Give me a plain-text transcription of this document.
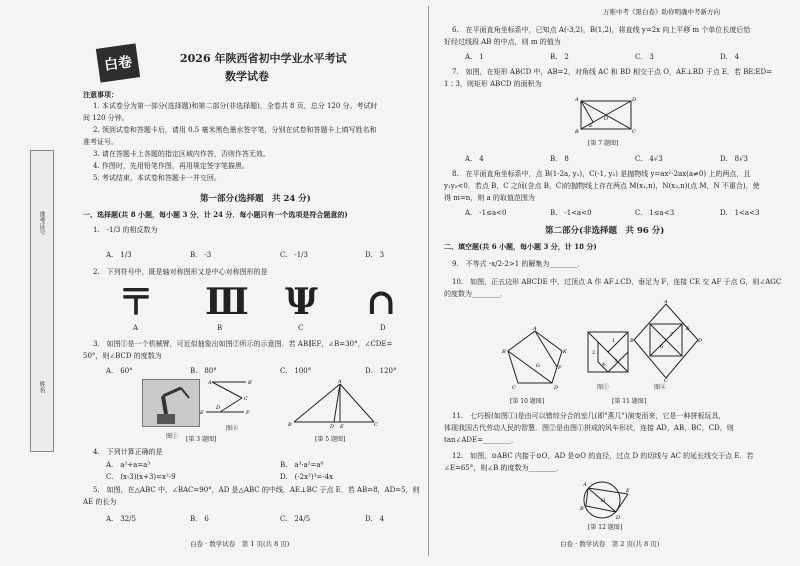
准考证号
姓名
万唯中考《黑白卷》助你明确中考新方向
白卷	2026 年陕西省初中学业水平考试
数学试卷
注意事项：
1. 本试卷分为第一部分(选择题)和第二部分(非选择题)，全卷共 8 页，总分 120 分。考试时
间 120 分钟。
2. 领到试卷和答题卡后，请用 0.5 毫米黑色墨水签字笔，分别在试卷和答题卡上填写姓名和
准考证号。
3. 请在答题卡上各题的指定区域内作答，否则作答无效。
4. 作图时，先用铅笔作图，再用规定签字笔描黑。
5. 考试结束，本试卷和答题卡一并交回。
第一部分(选择题　共 24 分)
一、选择题(共 8 小题，每小题 3 分，计 24 分．每小题只有一个选项是符合题意的)
1.　-1/3 的相反数为
A.　1/3	B.　-3	C.　-1/3	D.　3
2.　下列符号中，既是轴对称图形又是中心对称图形的是
〒 Ⅲ Ψ ∩
A	B	C	D
3.　如图①是一个机械臂，可近似抽象出如图②所示的示意图．若 AB∥EF，∠B=30°，∠CDE=
50°，则∠BCD 的度数为
A.　60°	B.　80°	C.　100°	D.　120°
A	B
C
D
E	F
图①
图②
[第 3 题图]
A
B	D E	C
[第 5 题图]
4.　下列计算正确的是
A.　a²+a=a³	B.　a³·a²=a⁶
C.　(x-3)(x+3)=x²-9	D.　(-2x²)³=-4x
5.　如图，在△ABC 中，∠BAC=90°，AD 是△ABC 的中线，AE⊥BC 于点 E．若 AB=8，AD=5，则
AE 的长为
A.　32/5	B.　6	C.　24/5	D.　4
白卷 · 数学试卷　第 1 页(共 8 页)
6.　在平面直角坐标系中，已知点 A(-3,2)，B(1,2)，将直线 y=2x 向上平移 m 个单位长度后恰
好经过线段 AB 的中点，则 m 的值为
A.　1	B.　2	C.　3	D.　4
7.　如图，在矩形 ABCD 中，AB=2，对角线 AC 和 BD 相交于点 O，AE⊥BD 于点 E．若 BE∶ED=
1∶3，则矩形 ABCD 的面积为
A	D
B	C
O
E
[第 7 题图]
A.　4	B.　8	C.　4√3	D.　8√3
8.　在平面直角坐标系中，点 B(1-2a, y₁)，C(-1, y₂) 是抛物线 y=ax²-2ax(a≠0) 上的两点，且
y₁y₂<0．若点 B，C 之间(含点 B，C)的抛物线上存在两点 M(x₁,n)，N(x₂,n)(点 M，N 不重合)，使
得 m=n，则 a 的取值范围为
A.　-1≤a<0	B.　-1<a<0	C.　1≤a<3	D.　1<a<3
第二部分(非选择题　共 96 分)
二、填空题(共 6 小题，每小题 3 分，计 18 分)
9.　不等式 -x/2-2>1 的解集为________．
10.　如图，正五边形 ABCDE 中，过顶点 A 作 AF⊥CD，垂足为 F，连接 CE 交 AF 于点 G，则∠AGC
的度数为________．
A
K
F
D
C
B
G
[第 10 题图]
1
2
3
4
图①
A
D
B
C
E
7
6
图②
[第 11 题图]
11.　七巧板(如图①)是由可以错综分合的室几(即"燕几")演变而来，它是一种拼板玩具，
体现我国古代劳动人民的智慧．图②是由图①拼成的风车形状，连接 AD，AB，BC，CD，则
tan∠ADE=________．
12.　如图，⊙ABC 内接于⊙O，AD 是⊙O 的直径，过点 D 的切线与 AC 的延长线交于点 E．若
∠E=65°，则∠B 的度数为________．
A
B
O
D
E
[第 12 题图]
白卷 · 数学试卷　第 2 页(共 8 页)
